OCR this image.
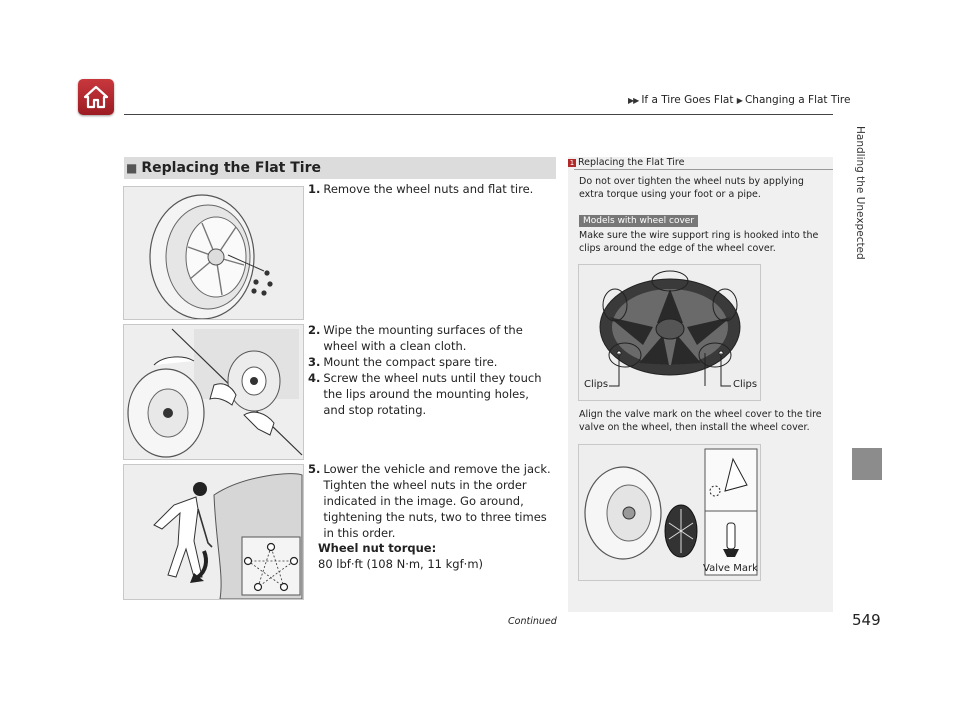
▶▶ If a Tire Goes Flat ▶ Changing a Flat Tire
Handling the Unexpected
549
Continued
■ Replacing the Flat Tire
1. Remove the wheel nuts and flat tire.
2. Wipe the mounting surfaces of the wheel with a clean cloth.
3. Mount the compact spare tire.
4. Screw the wheel nuts until they touch the lips around the mounting holes, and stop rotating.
5. Lower the vehicle and remove the jack. Tighten the wheel nuts in the order indicated in the image. Go around, tightening the nuts, two to three times in this order.
Wheel nut torque:
80 lbf·ft (108 N·m, 11 kgf·m)
1 Replacing the Flat Tire
Do not over tighten the wheel nuts by applying extra torque using your foot or a pipe.
Models with wheel cover
Make sure the wire support ring is hooked into the clips around the edge of the wheel cover.
Clips	Clips
Align the valve mark on the wheel cover to the tire valve on the wheel, then install the wheel cover.
Valve Mark
